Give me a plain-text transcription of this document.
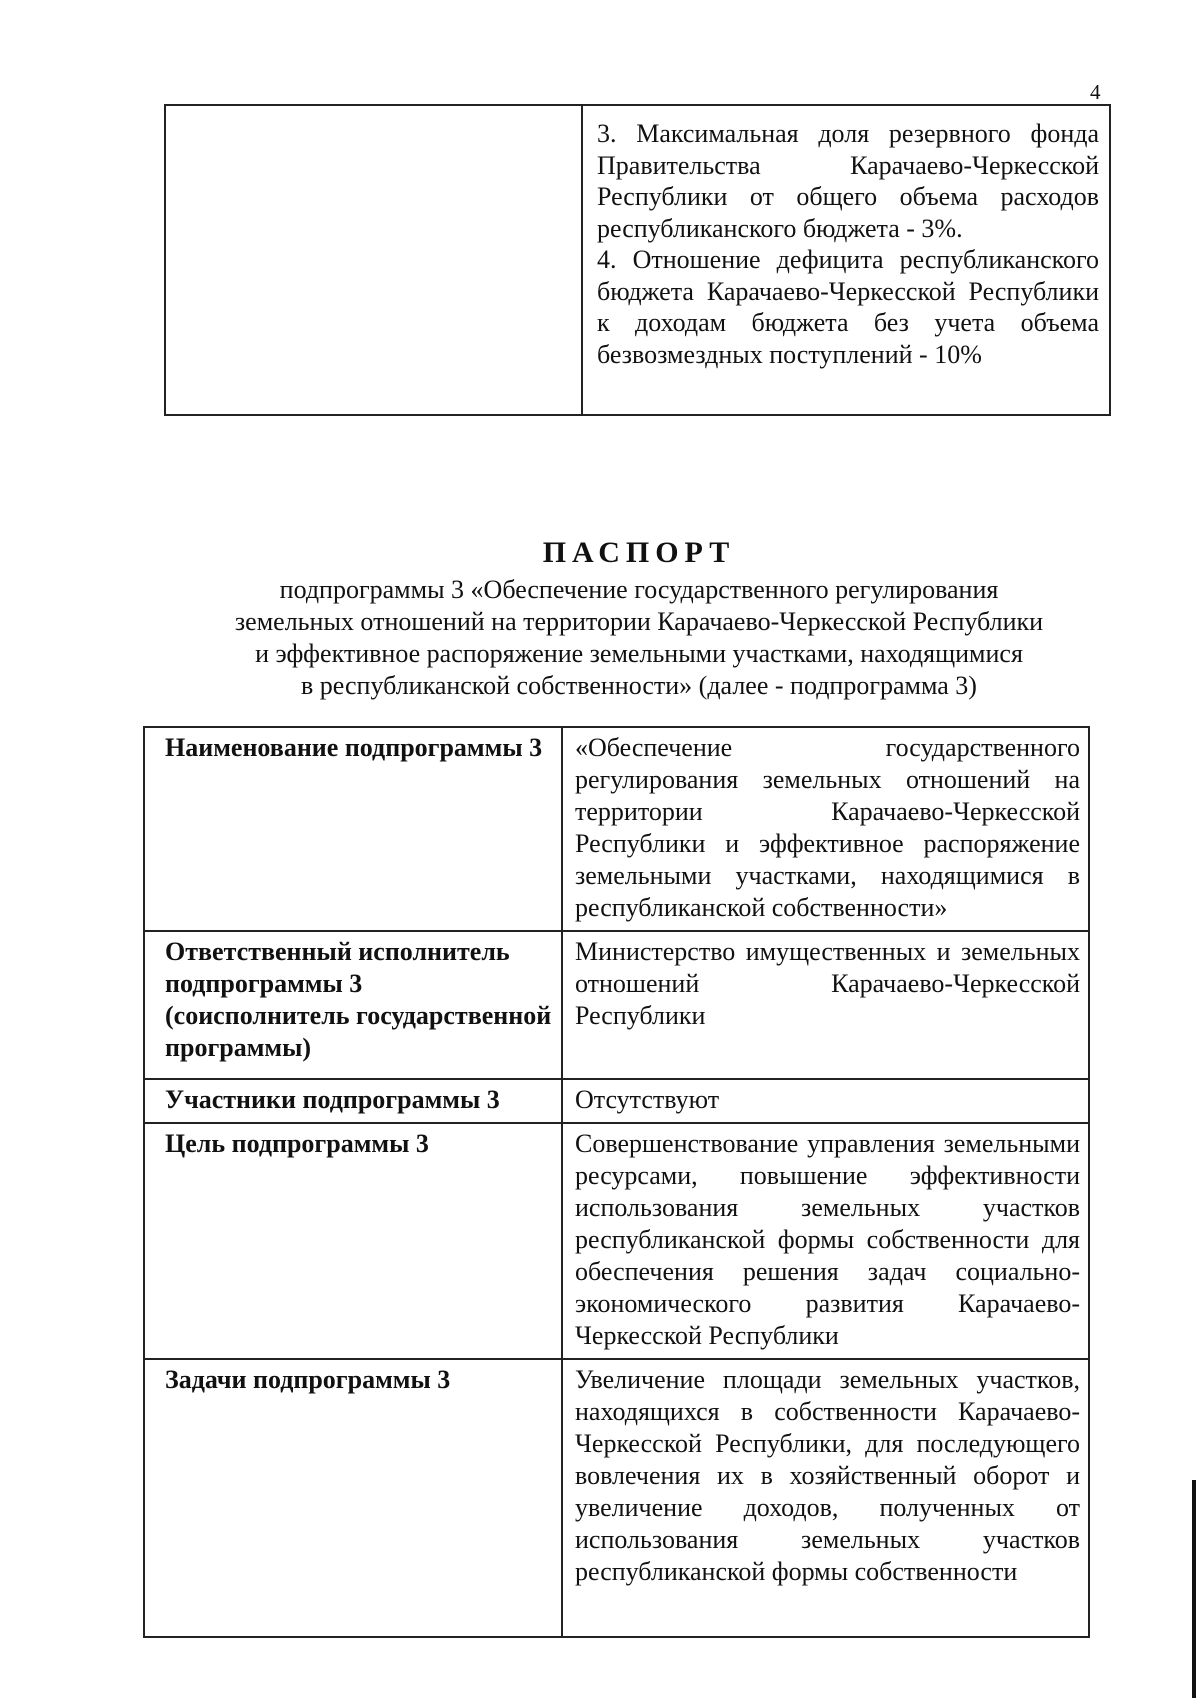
4

3. Максимальная доля резервного фонда Правительства Карачаево-Черкесской Республики от общего объема расходов республиканского бюджета - 3%.

4. Отношение дефицита республиканского бюджета Карачаево-Черкесской Республики к доходам бюджета без учета объема безвозмездных поступлений - 10%

ПАСПОРТ
подпрограммы 3 «Обеспечение государственного регулирования
земельных отношений на территории Карачаево-Черкесской Республики
и эффективное распоряжение земельными участками, находящимися
в республиканской собственности» (далее - подпрограмма 3)
Наименование подпрограммы 3	«Обеспечение государственного регулирования земельных отношений на территории Карачаево-Черкесской Республики и эффективное распоряжение земельными участками, находящимися в республиканской собственности»
Ответственный исполнитель подпрограммы 3 (соисполнитель государственной программы)	Министерство имущественных и земельных отношений Карачаево-Черкесской Республики
Участники подпрограммы 3	Отсутствуют
Цель подпрограммы 3	Совершенствование управления земельными ресурсами, повышение эффективности использования земельных участков республиканской формы собственности для обеспечения решения задач социально-экономического развития Карачаево-Черкесской Республики
Задачи подпрограммы 3	Увеличение площади земельных участков, находящихся в собственности Карачаево-Черкесской Республики, для последующего вовлечения их в хозяйственный оборот и увеличение доходов, полученных от использования земельных участков республиканской формы собственности
